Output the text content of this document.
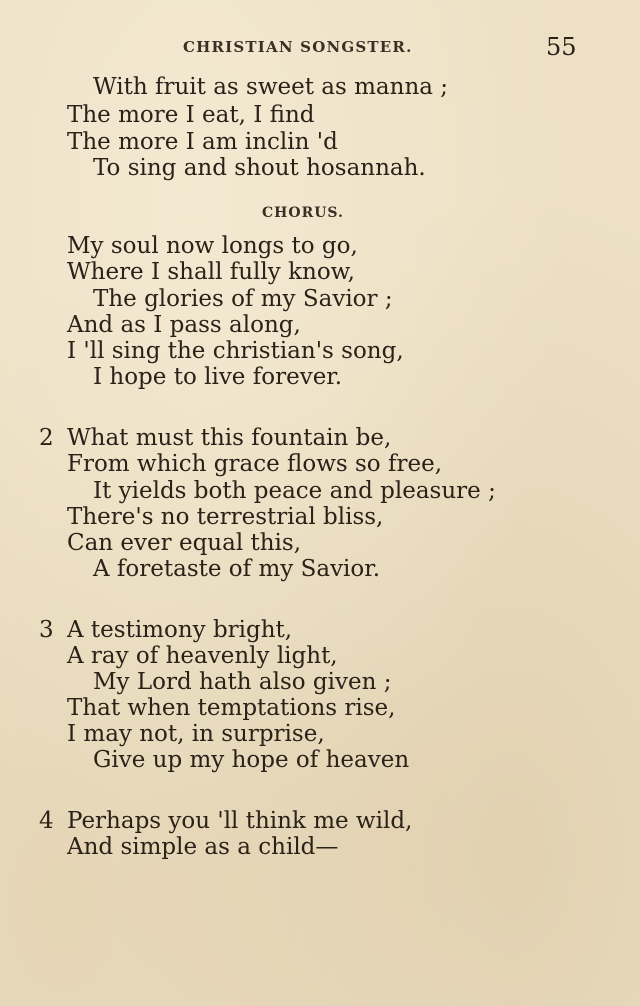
CHRISTIAN SONGSTER.	55
With fruit as sweet as manna ;
The more I eat, I find
The more I am inclin 'd
To sing and shout hosannah.
CHORUS.
My soul now longs to go,
Where I shall fully know,
The glories of my Savior ;
And as I pass along,
I 'll sing the christian's song,
I hope to live forever.
2 What must this fountain be,
From which grace flows so free,
It yields both peace and pleasure ;
There's no terrestrial bliss,
Can ever equal this,
A foretaste of my Savior.
3 A testimony bright,
A ray of heavenly light,
My Lord hath also given ;
That when temptations rise,
I may not, in surprise,
Give up my hope of heaven
4 Perhaps you 'll think me wild,
And simple as a child—
